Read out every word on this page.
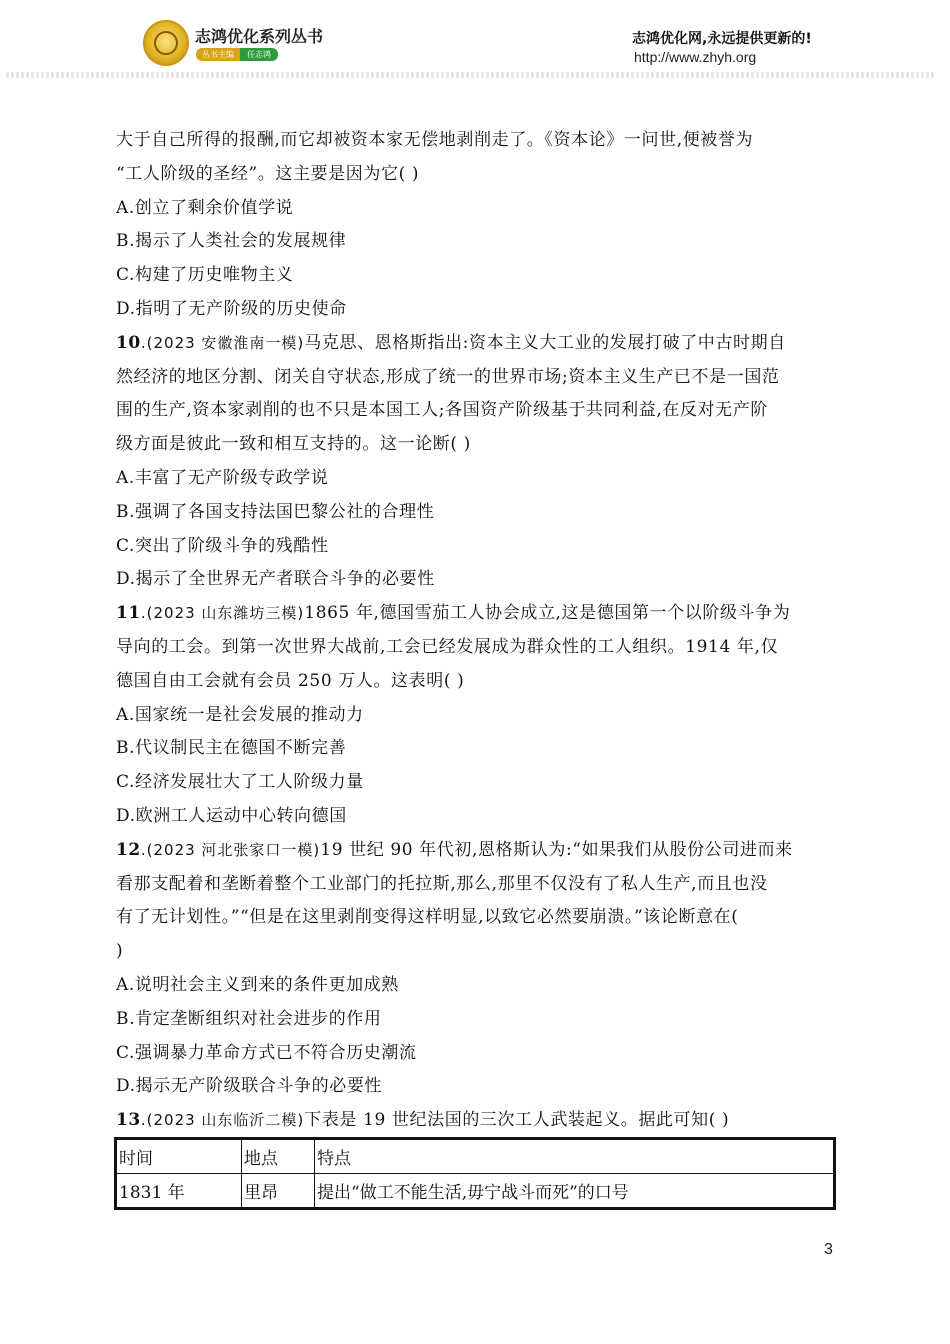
志鸿优化系列丛书
丛书主编	任志鸿
志鸿优化网,永远提供更新的!
http://www.zhyh.org
大于自己所得的报酬,而它却被资本家无偿地剥削走了。《资本论》一问世,便被誉为
“工人阶级的圣经”。这主要是因为它( )
A.创立了剩余价值学说
B.揭示了人类社会的发展规律
C.构建了历史唯物主义
D.指明了无产阶级的历史使命
10.(2023 安徽淮南一模)马克思、恩格斯指出:资本主义大工业的发展打破了中古时期自
然经济的地区分割、闭关自守状态,形成了统一的世界市场;资本主义生产已不是一国范
围的生产,资本家剥削的也不只是本国工人;各国资产阶级基于共同利益,在反对无产阶
级方面是彼此一致和相互支持的。这一论断( )
A.丰富了无产阶级专政学说
B.强调了各国支持法国巴黎公社的合理性
C.突出了阶级斗争的残酷性
D.揭示了全世界无产者联合斗争的必要性
11.(2023 山东潍坊三模)1865 年,德国雪茄工人协会成立,这是德国第一个以阶级斗争为
导向的工会。到第一次世界大战前,工会已经发展成为群众性的工人组织。1914 年,仅
德国自由工会就有会员 250 万人。这表明( )
A.国家统一是社会发展的推动力
B.代议制民主在德国不断完善
C.经济发展壮大了工人阶级力量
D.欧洲工人运动中心转向德国
12.(2023 河北张家口一模)19 世纪 90 年代初,恩格斯认为:“如果我们从股份公司进而来
看那支配着和垄断着整个工业部门的托拉斯,那么,那里不仅没有了私人生产,而且也没
有了无计划性。”“但是在这里剥削变得这样明显,以致它必然要崩溃。”该论断意在(
)
A.说明社会主义到来的条件更加成熟
B.肯定垄断组织对社会进步的作用
C.强调暴力革命方式已不符合历史潮流
D.揭示无产阶级联合斗争的必要性
13.(2023 山东临沂二模)下表是 19 世纪法国的三次工人武装起义。据此可知( )
时间	地点	特点
1831 年	里昂	提出“做工不能生活,毋宁战斗而死”的口号
3
